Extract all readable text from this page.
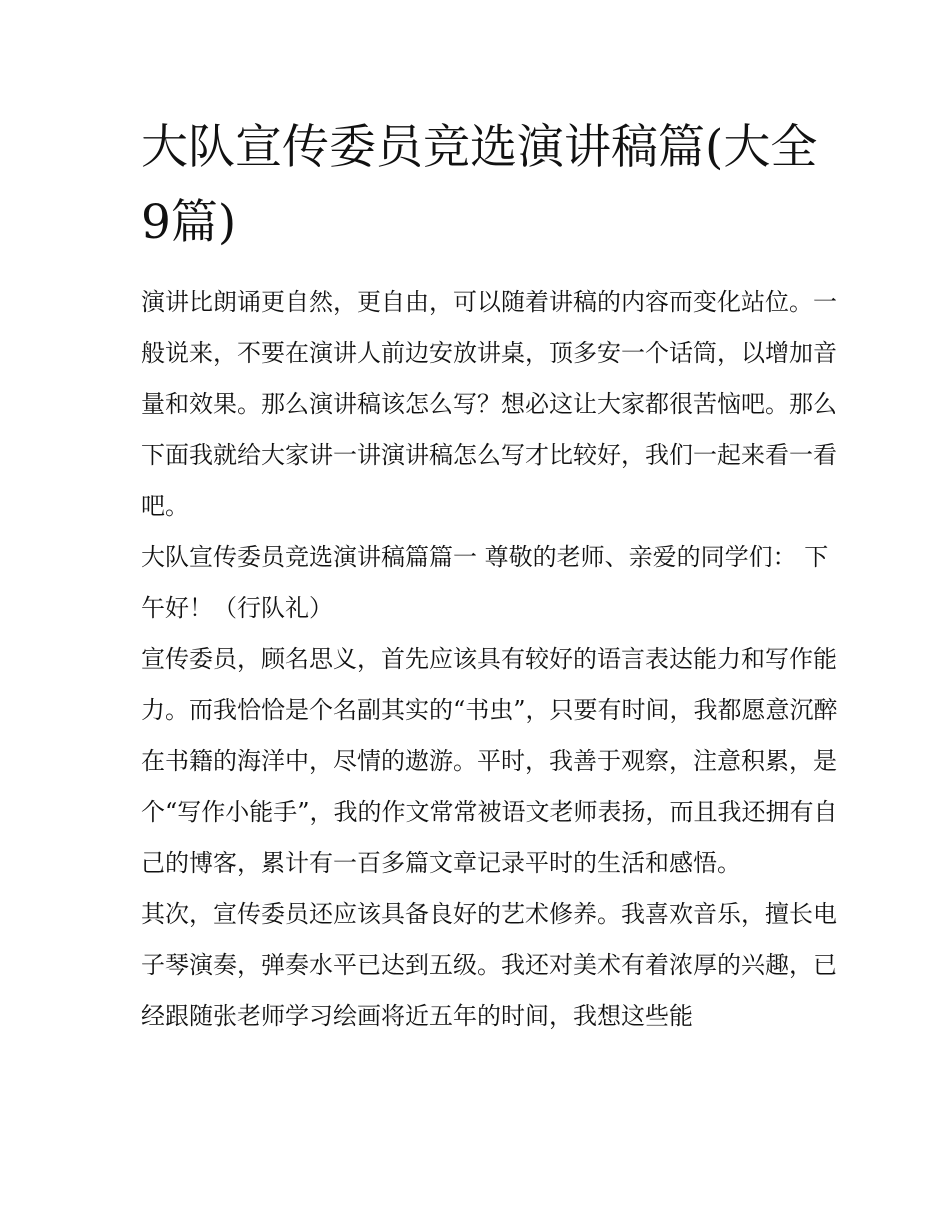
大队宣传委员竞选演讲稿篇(大全9篇)

演讲比朗诵更自然，更自由，可以随着讲稿的内容而变化站位。一般说来，不要在演讲人前边安放讲桌，顶多安一个话筒，以增加音量和效果。那么演讲稿该怎么写？想必这让大家都很苦恼吧。那么下面我就给大家讲一讲演讲稿怎么写才比较好，我们一起来看一看吧。

大队宣传委员竞选演讲稿篇篇一 尊敬的老师、亲爱的同学们： 下午好！（行队礼）

宣传委员，顾名思义，首先应该具有较好的语言表达能力和写作能力。而我恰恰是个名副其实的“书虫”，只要有时间，我都愿意沉醉在书籍的海洋中，尽情的遨游。平时，我善于观察，注意积累，是个“写作小能手”，我的作文常常被语文老师表扬，而且我还拥有自己的博客，累计有一百多篇文章记录平时的生活和感悟。

其次，宣传委员还应该具备良好的艺术修养。我喜欢音乐，擅长电子琴演奏，弹奏水平已达到五级。我还对美术有着浓厚的兴趣，已经跟随张老师学习绘画将近五年的时间，我想这些能
